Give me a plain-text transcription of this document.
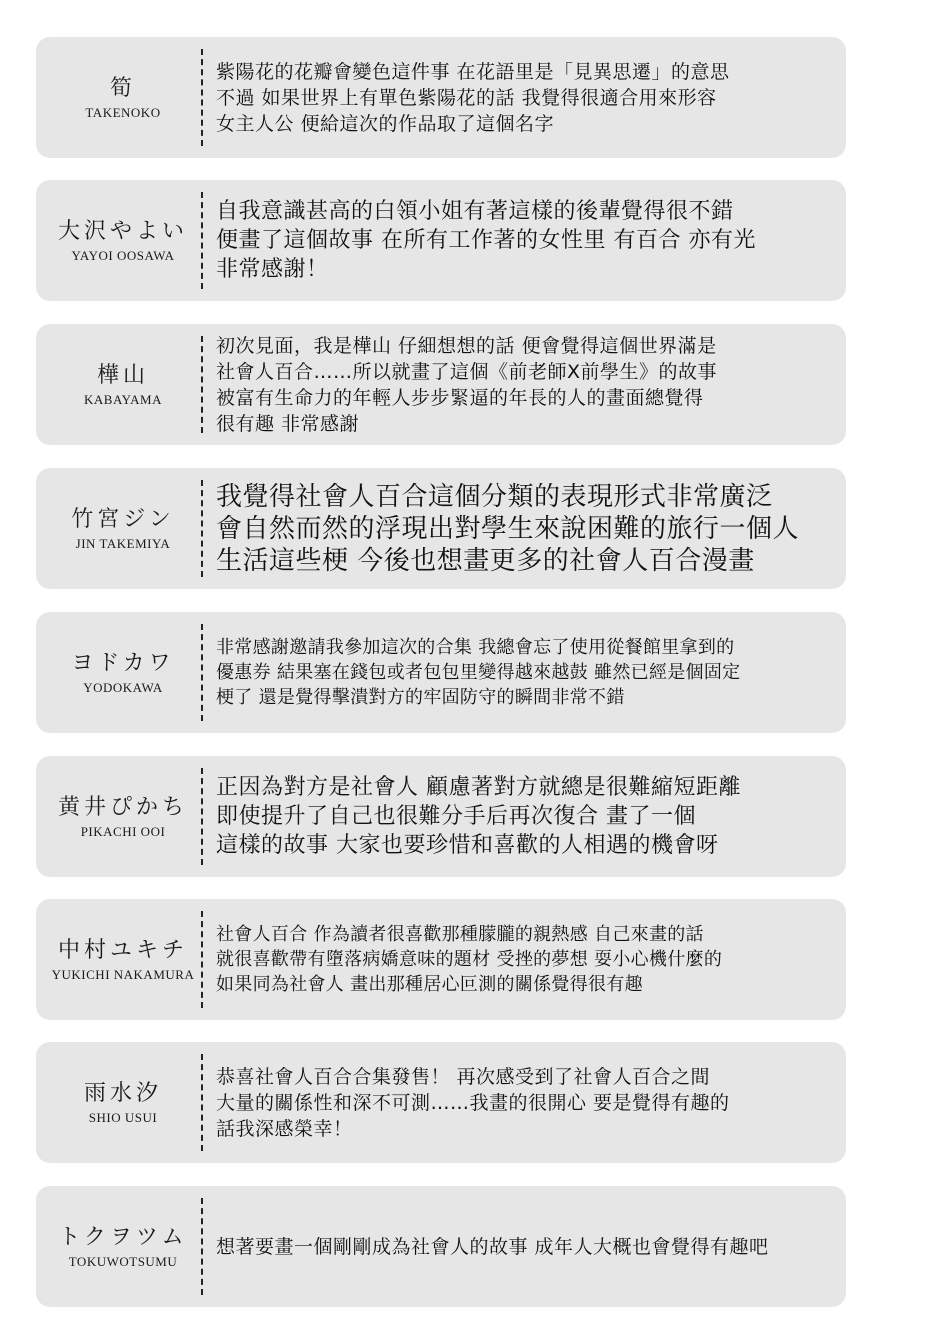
筍
TAKENOKO
紫陽花的花瓣會變色這件事 在花語里是「見異思遷」的意思
不過 如果世界上有單色紫陽花的話 我覺得很適合用來形容
女主人公 便給這次的作品取了這個名字
大沢やよい
YAYOI OOSAWA
自我意識甚高的白領小姐有著這樣的後輩覺得很不錯
便畫了這個故事 在所有工作著的女性里 有百合 亦有光
非常感謝！
樺山
KABAYAMA
初次見面，我是樺山 仔細想想的話 便會覺得這個世界滿是
社會人百合……所以就畫了這個《前老師X前學生》的故事
被富有生命力的年輕人步步緊逼的年長的人的畫面總覺得
很有趣 非常感謝
竹宮ジン
JIN TAKEMIYA
我覺得社會人百合這個分類的表現形式非常廣泛
會自然而然的浮現出對學生來說困難的旅行一個人
生活這些梗 今後也想畫更多的社會人百合漫畫
ヨドカワ
YODOKAWA
非常感謝邀請我參加這次的合集 我總會忘了使用從餐館里拿到的
優惠券 結果塞在錢包或者包包里變得越來越鼓 雖然已經是個固定
梗了 還是覺得擊潰對方的牢固防守的瞬間非常不錯
黄井ぴかち
PIKACHI OOI
正因為對方是社會人 顧慮著對方就總是很難縮短距離
即使提升了自己也很難分手后再次復合 畫了一個
這樣的故事 大家也要珍惜和喜歡的人相遇的機會呀
中村ユキチ
YUKICHI NAKAMURA
社會人百合 作為讀者很喜歡那種朦朧的親熱感 自己來畫的話
就很喜歡帶有墮落病嬌意味的題材 受挫的夢想 耍小心機什麼的
如果同為社會人 畫出那種居心叵測的關係覺得很有趣
雨水汐
SHIO USUI
恭喜社會人百合合集發售！ 再次感受到了社會人百合之間
大量的關係性和深不可測……我畫的很開心 要是覺得有趣的
話我深感榮幸！
トクヲツム
TOKUWOTSUMU
想著要畫一個剛剛成為社會人的故事 成年人大概也會覺得有趣吧
